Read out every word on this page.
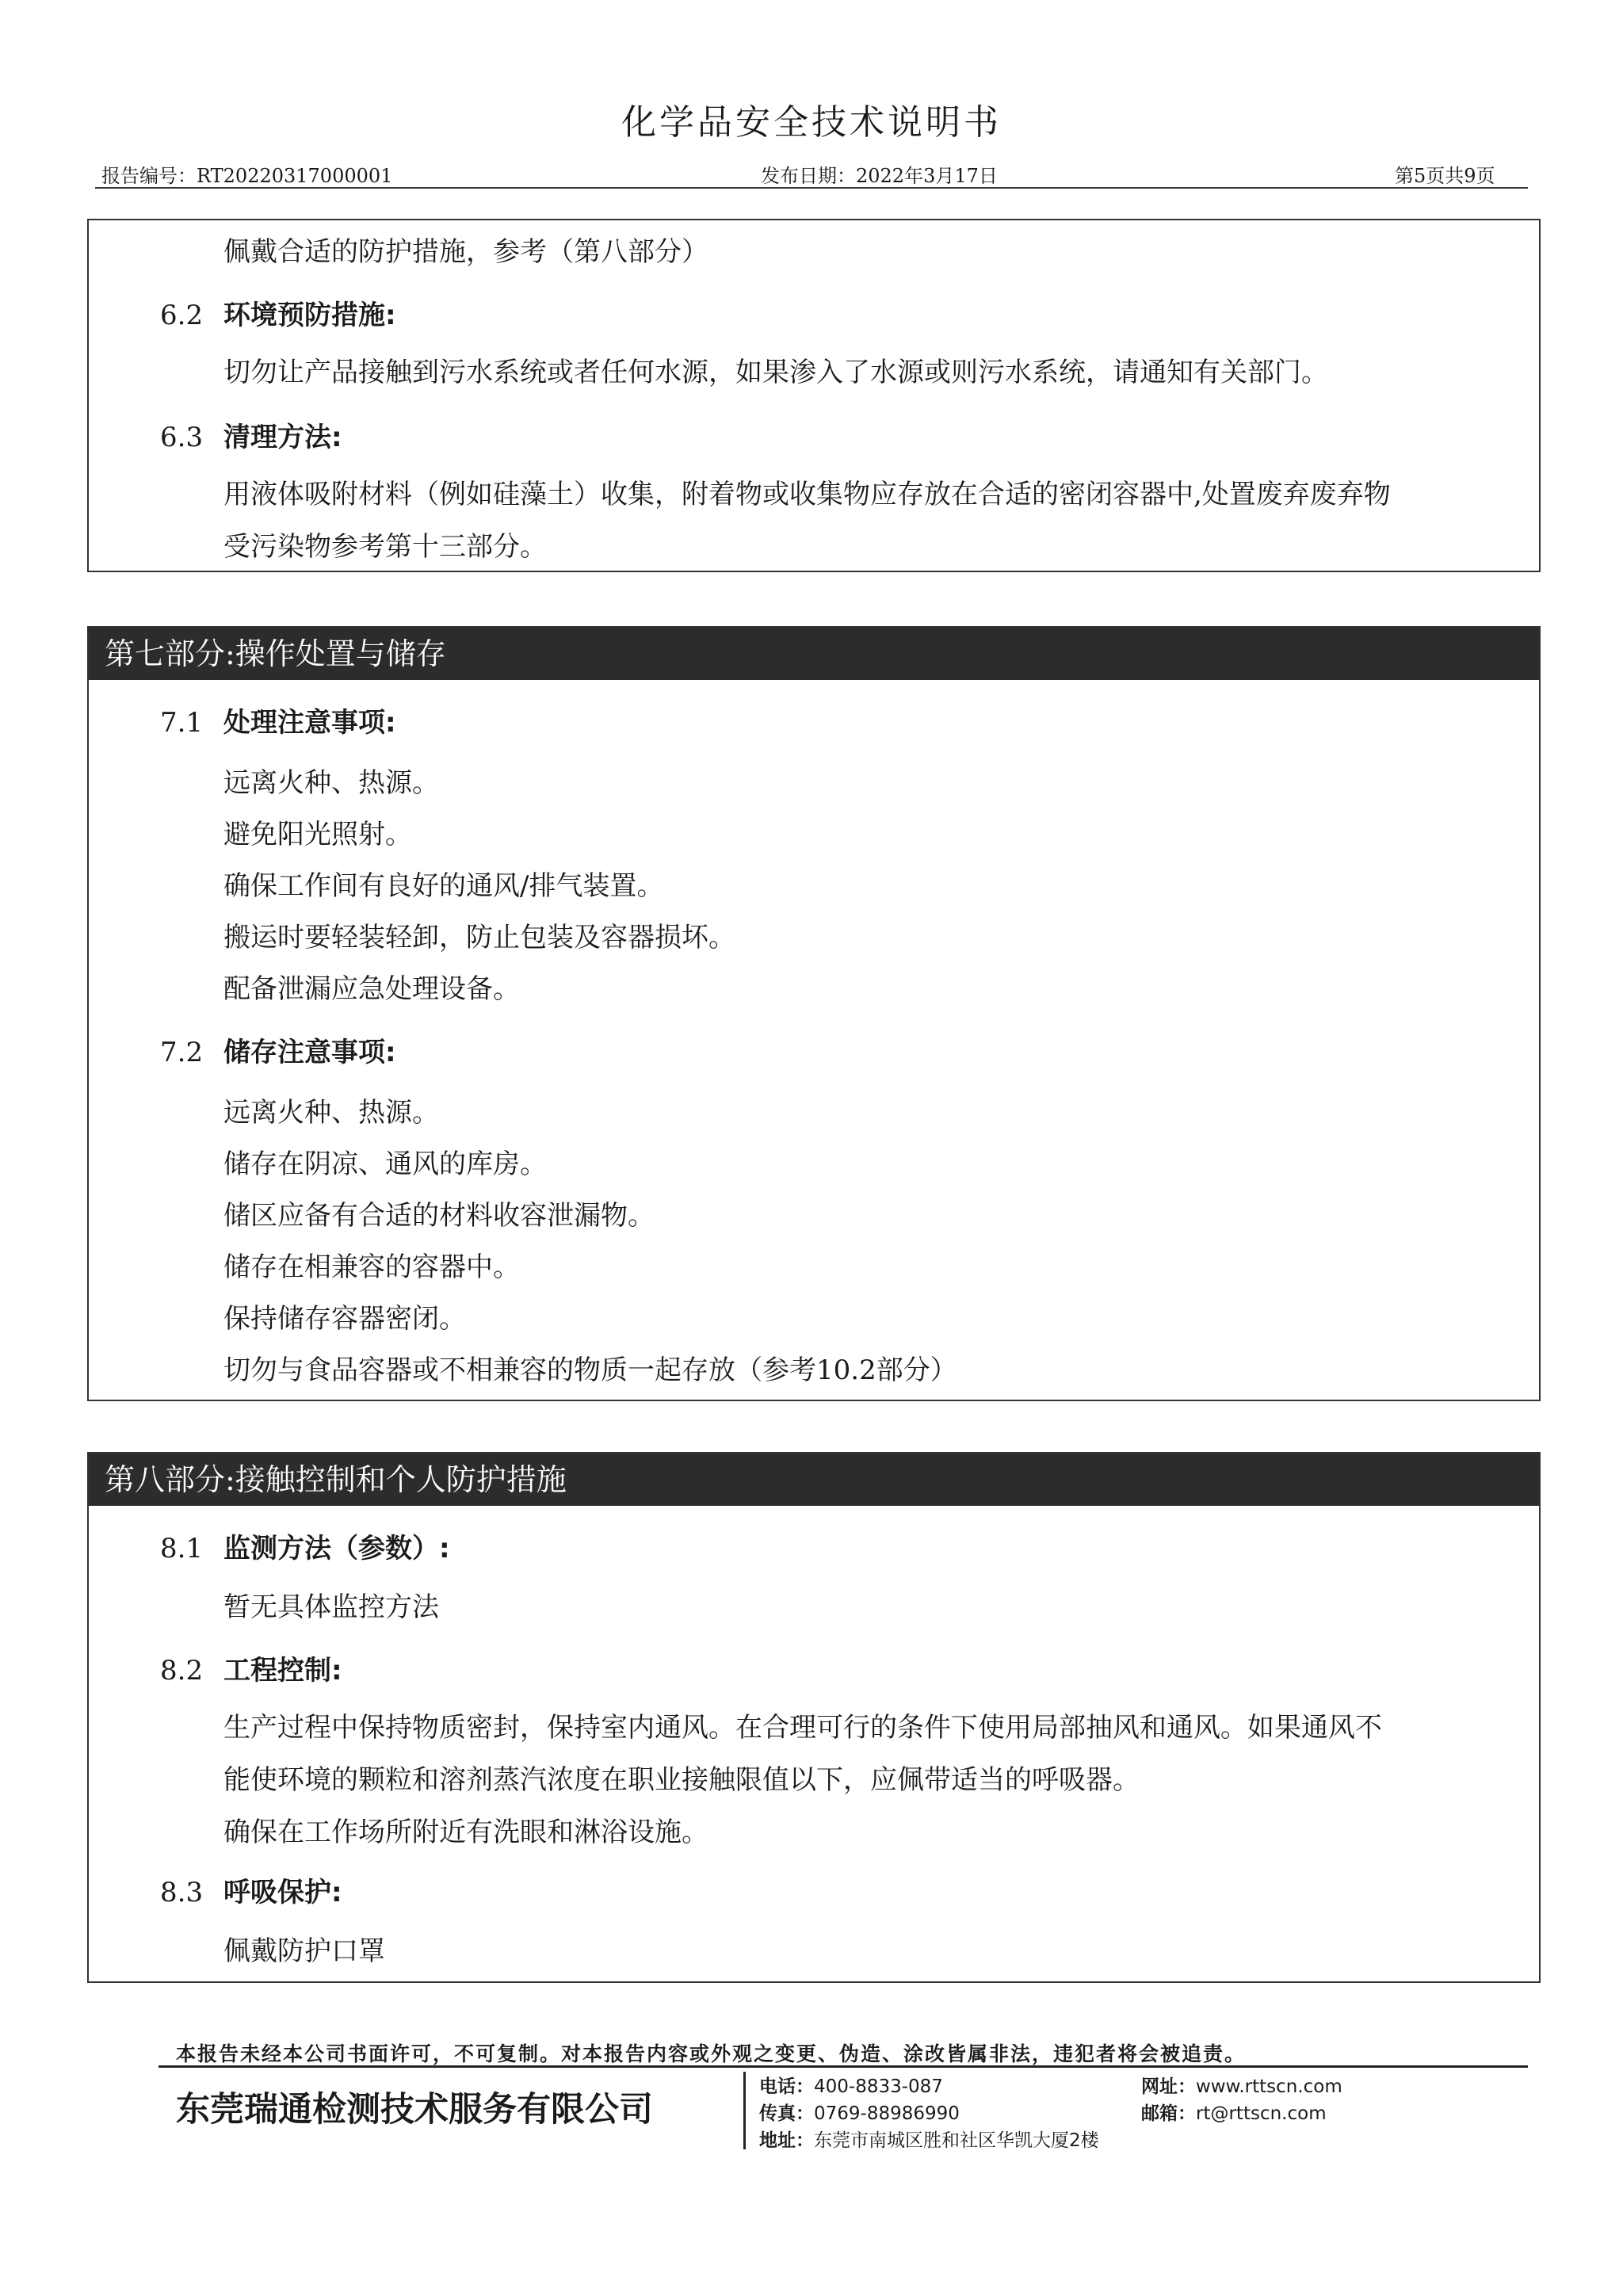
化学品安全技术说明书
报告编号：RT20220317000001	发布日期：2022年3月17日	第5页共9页
佩戴合适的防护措施，参考（第八部分）
6.2 环境预防措施:
切勿让产品接触到污水系统或者任何水源，如果渗入了水源或则污水系统，请通知有关部门。
6.3 清理方法:
用液体吸附材料（例如硅藻土）收集，附着物或收集物应存放在合适的密闭容器中,处置废弃废弃物
受污染物参考第十三部分。
第七部分:操作处置与储存
7.1 处理注意事项:
远离火种、热源。
避免阳光照射。
确保工作间有良好的通风/排气装置。
搬运时要轻装轻卸，防止包装及容器损坏。
配备泄漏应急处理设备。
7.2 储存注意事项:
远离火种、热源。
储存在阴凉、通风的库房。
储区应备有合适的材料收容泄漏物。
储存在相兼容的容器中。
保持储存容器密闭。
切勿与食品容器或不相兼容的物质一起存放（参考10.2部分）
第八部分:接触控制和个人防护措施
8.1 监测方法（参数）:
暂无具体监控方法
8.2 工程控制:
生产过程中保持物质密封，保持室内通风。在合理可行的条件下使用局部抽风和通风。如果通风不
能使环境的颗粒和溶剂蒸汽浓度在职业接触限值以下，应佩带适当的呼吸器。
确保在工作场所附近有洗眼和淋浴设施。
8.3 呼吸保护:
佩戴防护口罩
本报告未经本公司书面许可，不可复制。对本报告内容或外观之变更、伪造、涂改皆属非法，违犯者将会被追责。
东莞瑞通检测技术服务有限公司
电话：400-8833-087
传真：0769-88986990
地址：东莞市南城区胜和社区华凯大厦2楼
网址：www.rttscn.com
邮箱：rt@rttscn.com
